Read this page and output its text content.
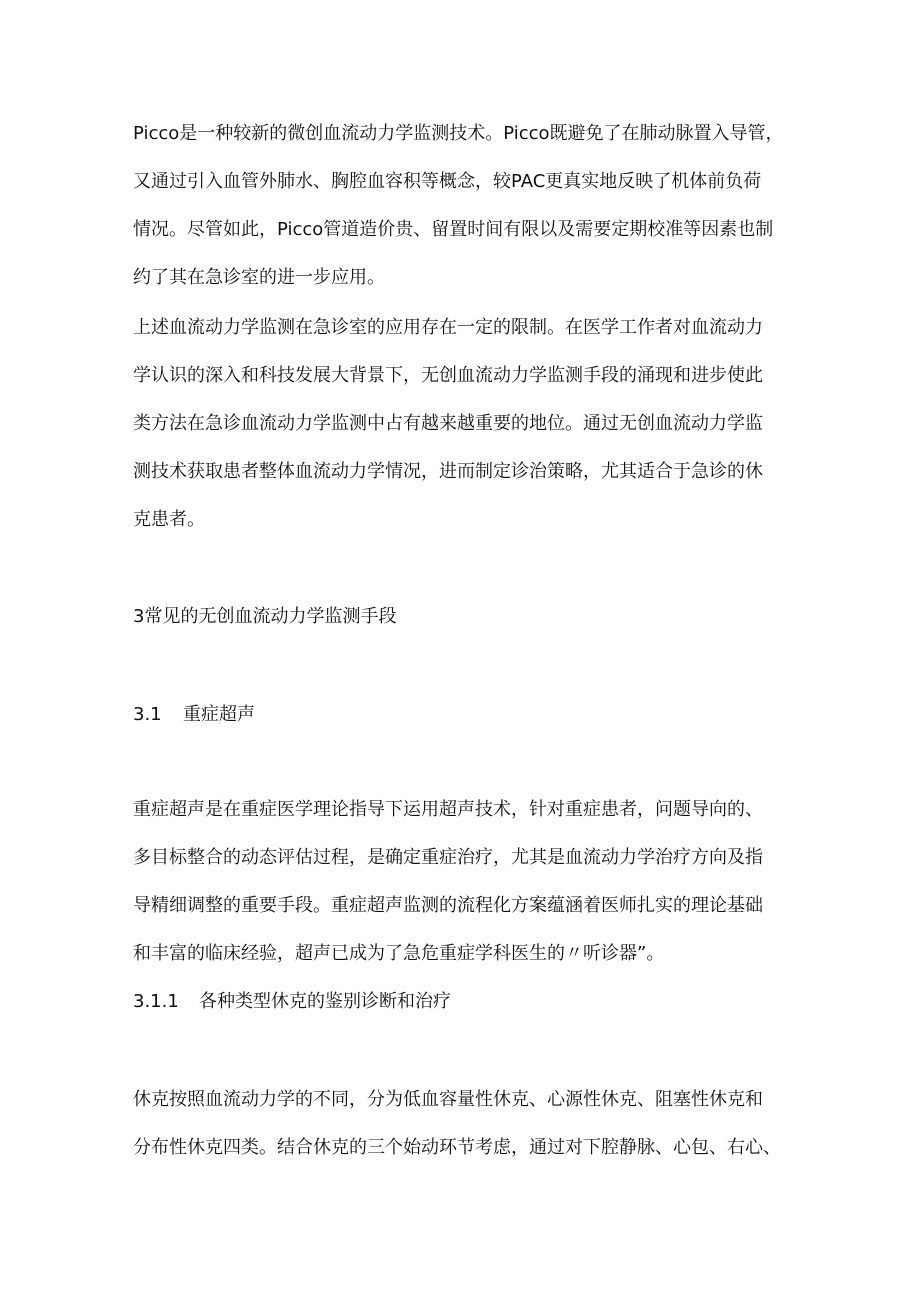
Picco是一种较新的微创血流动力学监测技术。Picco既避免了在肺动脉置入导管，
又通过引入血管外肺水、胸腔血容积等概念，较PAC更真实地反映了机体前负荷
情况。尽管如此，Picco管道造价贵、留置时间有限以及需要定期校准等因素也制
约了其在急诊室的进一步应用。
上述血流动力学监测在急诊室的应用存在一定的限制。在医学工作者对血流动力
学认识的深入和科技发展大背景下，无创血流动力学监测手段的涌现和进步使此
类方法在急诊血流动力学监测中占有越来越重要的地位。通过无创血流动力学监
测技术获取患者整体血流动力学情况，进而制定诊治策略，尤其适合于急诊的休
克患者。
3常见的无创血流动力学监测手段
3.1 重症超声
重症超声是在重症医学理论指导下运用超声技术，针对重症患者，问题导向的、
多目标整合的动态评估过程，是确定重症治疗，尤其是血流动力学治疗方向及指
导精细调整的重要手段。重症超声监测的流程化方案蕴涵着医师扎实的理论基础
和丰富的临床经验，超声已成为了急危重症学科医生的〃听诊器”。
3.1.1 各种类型休克的鉴别诊断和治疗
休克按照血流动力学的不同，分为低血容量性休克、心源性休克、阻塞性休克和
分布性休克四类。结合休克的三个始动环节考虑，通过对下腔静脉、心包、右心、
